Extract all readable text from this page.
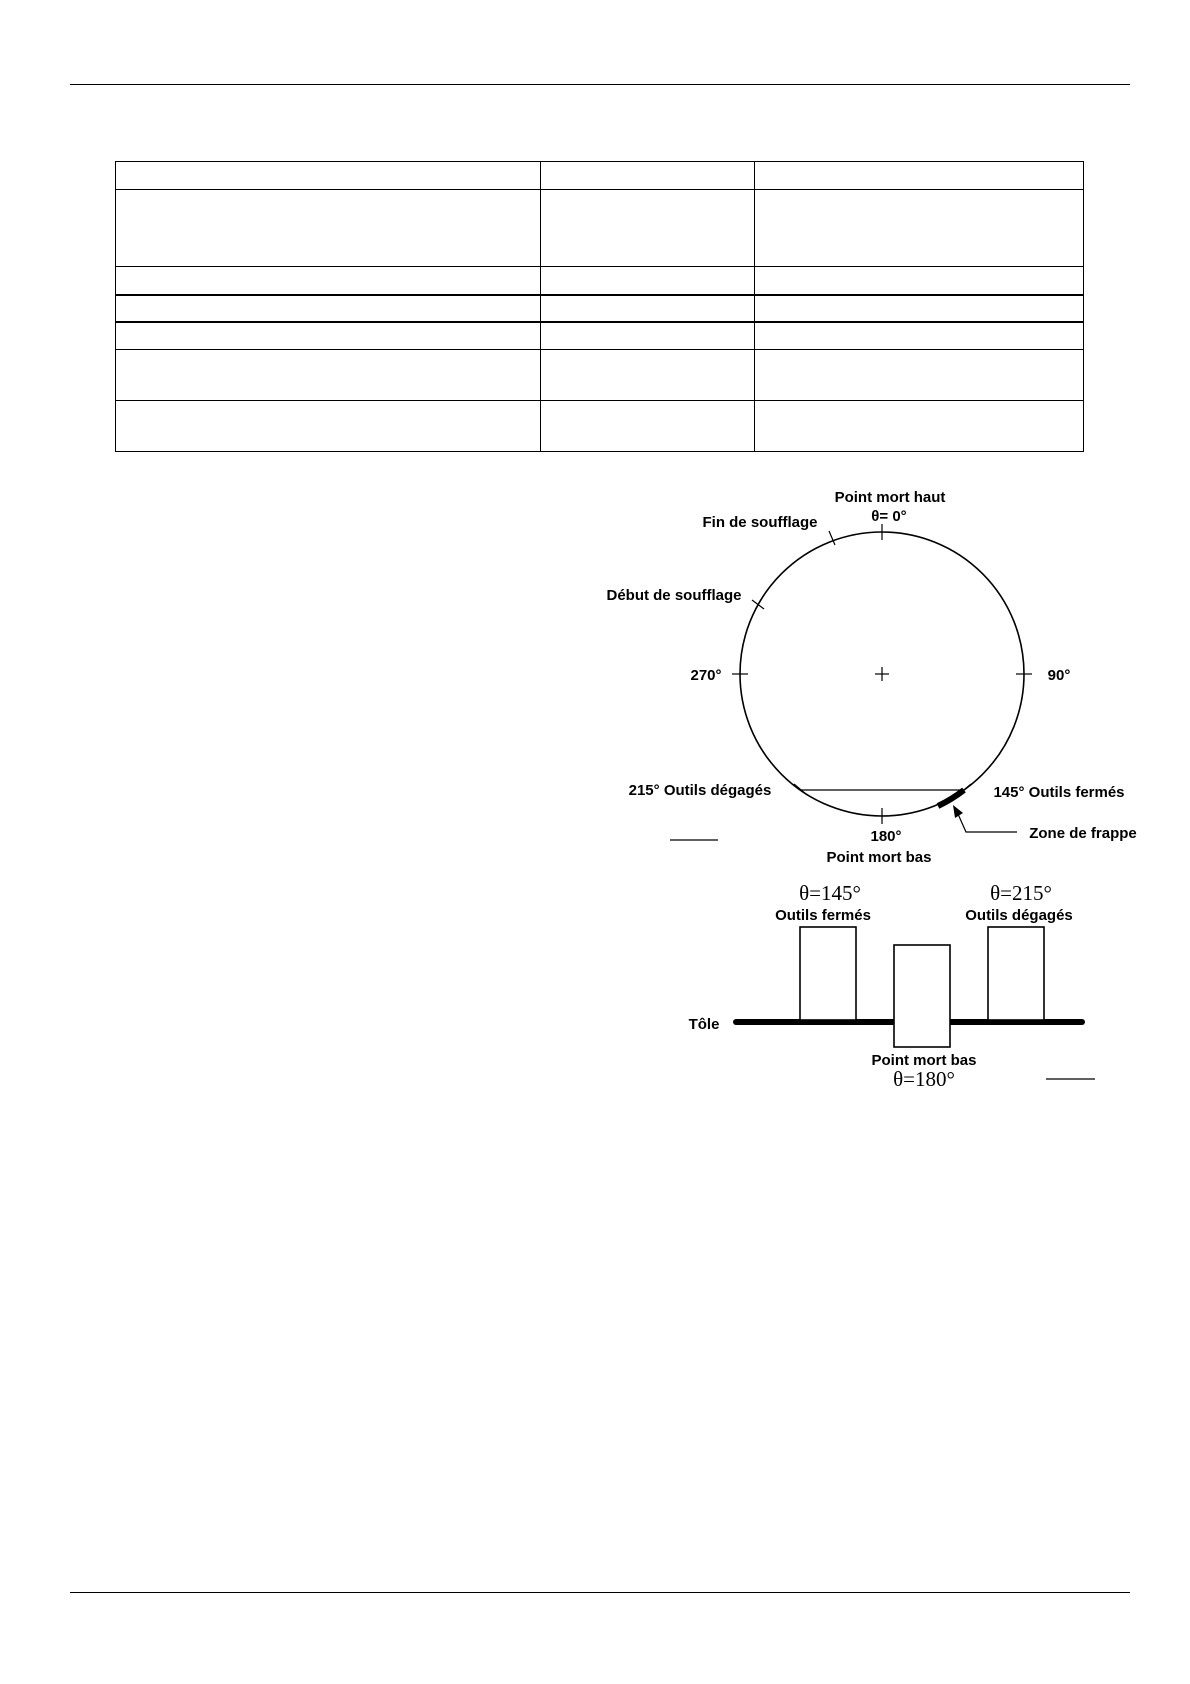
Point mort haut
θ= 0°
Fin de soufflage
Début de soufflage
270°	90°
215° Outils dégagés	145° Outils fermés
Zone de frappe
180°
Point mort bas
θ=145°
Outils fermés
θ=215°
Outils dégagés
Tôle
Point mort bas
θ=180°
